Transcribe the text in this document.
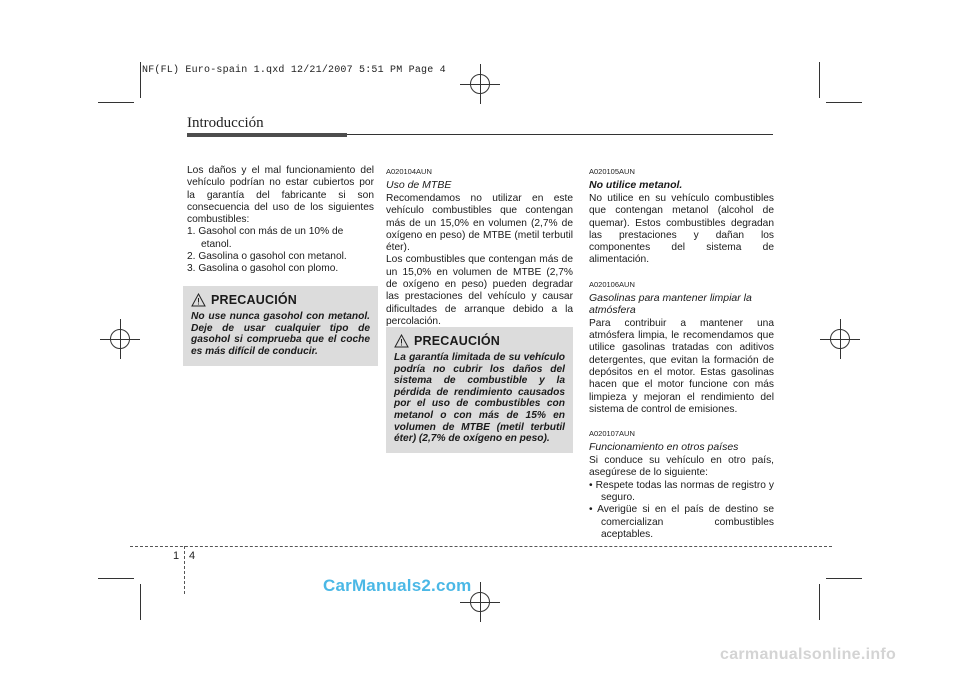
NF(FL) Euro-spain 1.qxd 12/21/2007 5:51 PM Page 4
Introducción

Los daños y el mal funcionamiento del vehículo podrían no estar cubiertos por la garantía del fabricante si son consecuencia del uso de los siguientes combustibles:

1. Gasohol con más de un 10% de etanol.

2. Gasolina o gasohol con metanol.

3. Gasolina o gasohol con plomo.

PRECAUCIÓN

No use nunca gasohol con metanol. Deje de usar cualquier tipo de gasohol si comprueba que el coche es más difícil de conducir.

A020104AUN

Uso de MTBE

Recomendamos no utilizar en este vehículo combustibles que contengan más de un 15,0% en volumen (2,7% de oxígeno en peso) de MTBE (metil terbutil éter).

Los combustibles que contengan más de un 15,0% en volumen de MTBE (2,7% de oxígeno en peso) pueden degradar las prestaciones del vehículo y causar dificultades de arranque debido a la percolación.

PRECAUCIÓN

La garantía limitada de su vehículo podría no cubrir los daños del sistema de combustible y la pérdida de rendimiento causados por el uso de combustibles con metanol o con más de 15% en volumen de MTBE (metil terbutil éter) (2,7% de oxígeno en peso).

A020105AUN

No utilice metanol.

No utilice en su vehículo combustibles que contengan metanol (alcohol de quemar). Estos combustibles degradan las prestaciones y dañan los componentes del sistema de alimentación.

A020106AUN

Gasolinas para mantener limpiar la atmósfera

Para contribuir a mantener una atmósfera limpia, le recomendamos que utilice gasolinas tratadas con aditivos detergentes, que evitan la formación de depósitos en el motor. Estas gasolinas hacen que el motor funcione con más limpieza y mejoran el rendimiento del sistema de control de emisiones.

A020107AUN

Funcionamiento en otros países

Si conduce su vehículo en otro país, asegúrese de lo siguiente:

• Respete todas las normas de registro y seguro.

• Averigüe si en el país de destino se comercializan combustibles aceptables.

1 4
CarManuals2.com
carmanualsonline.info
